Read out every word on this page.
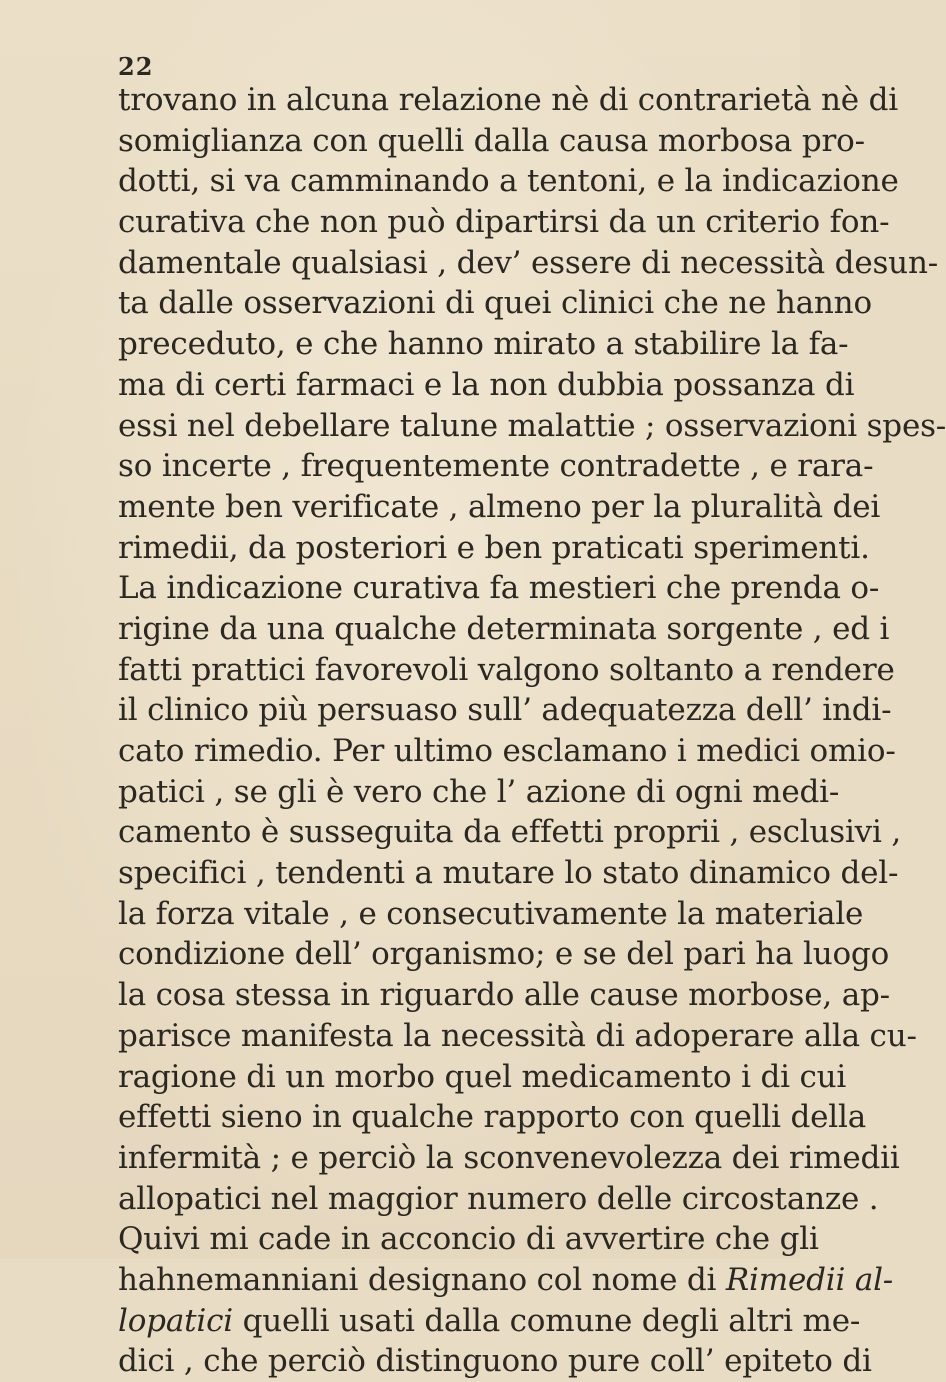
22
trovano in alcuna relazione nè di contrarietà nè di
somiglianza con quelli dalla causa morbosa pro-
dotti, si va camminando a tentoni, e la indicazione
curativa che non può dipartirsi da un criterio fon-
damentale qualsiasi , dev’ essere di necessità desun-
ta dalle osservazioni di quei clinici che ne hanno
preceduto, e che hanno mirato a stabilire la fa-
ma di certi farmaci e la non dubbia possanza di
essi nel debellare talune malattie ; osservazioni spes-
so incerte , frequentemente contradette , e rara-
mente ben verificate , almeno per la pluralità dei
rimedii, da posteriori e ben praticati sperimenti.
La indicazione curativa fa mestieri che prenda o-
rigine da una qualche determinata sorgente , ed i
fatti prattici favorevoli valgono soltanto a rendere
il clinico più persuaso sull’ adequatezza dell’ indi-
cato rimedio. Per ultimo esclamano i medici omio-
patici , se gli è vero che l’ azione di ogni medi-
camento è susseguita da effetti proprii , esclusivi ,
specifici , tendenti a mutare lo stato dinamico del-
la forza vitale , e consecutivamente la materiale
condizione dell’ organismo; e se del pari ha luogo
la cosa stessa in riguardo alle cause morbose, ap-
parisce manifesta la necessità di adoperare alla cu-
ragione di un morbo quel medicamento i di cui
effetti sieno in qualche rapporto con quelli della
infermità ; e perciò la sconvenevolezza dei rimedii
allopatici nel maggior numero delle circostanze .
Quivi mi cade in acconcio di avvertire che gli
hahnemanniani designano col nome di Rimedii al-
lopatici quelli usati dalla comune degli altri me-
dici , che perciò distinguono pure coll’ epiteto di
